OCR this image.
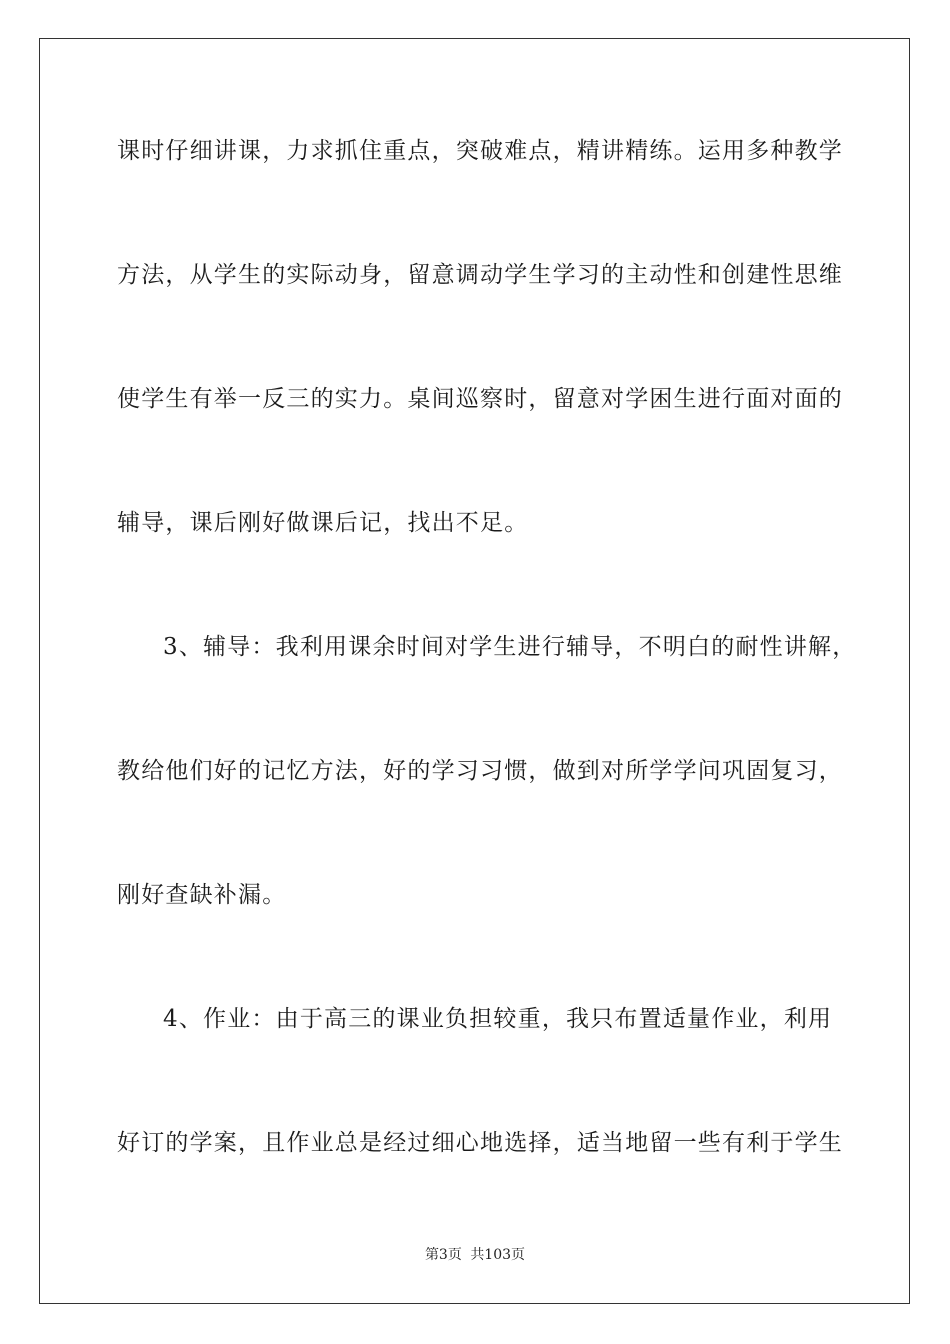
课时仔细讲课，力求抓住重点，突破难点，精讲精练。运用多种教学
方法，从学生的实际动身，留意调动学生学习的主动性和创建性思维
使学生有举一反三的实力。桌间巡察时，留意对学困生进行面对面的
辅导，课后刚好做课后记，找出不足。
3、辅导：我利用课余时间对学生进行辅导，不明白的耐性讲解，
教给他们好的记忆方法，好的学习习惯，做到对所学学问巩固复习，
刚好查缺补漏。
4、作业：由于高三的课业负担较重，我只布置适量作业，利用
好订的学案，且作业总是经过细心地选择，适当地留一些有利于学生
第3页 共103页
